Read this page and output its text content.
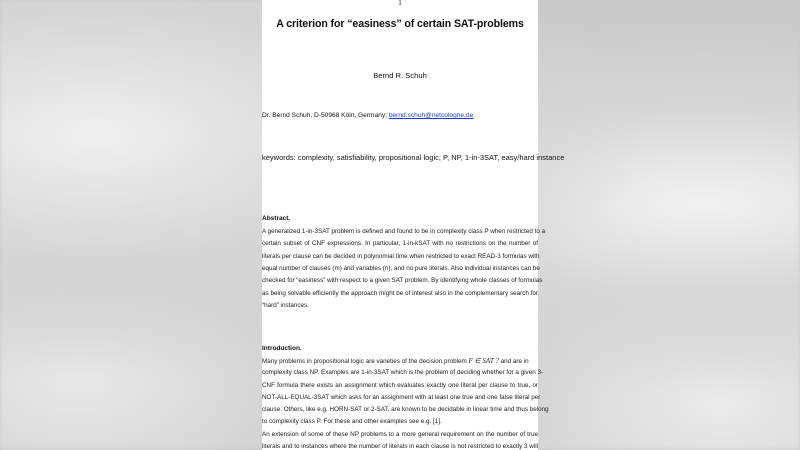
1
A criterion for “easiness” of certain SAT-problems
Bernd R. Schuh
Dr. Bernd Schuh, D-50968 Köln, Germany; bernd.schuh@netcologne.de
keywords: complexity, satisfiability, propositional logic, P, NP, 1-in-3SAT, easy/hard instance
Abstract.
A generalized 1-in-3SAT problem is defined and found to be in complexity class P when restricted to a
certain subset of CNF expressions. In particular, 1-in-kSAT with no restrictions on the number of
literals per clause can be decided in polynomial time when restricted to exact READ-3 formulas with
equal number of clauses (m) and variables (n), and no pure literals. Also individual instances can be
checked for “easiness” with respect to a given SAT problem. By identifying whole classes of formulas
as being solvable efficiently the approach might be of interest also in the complementary search for
“hard” instances.
Introduction.
Many problems in propositional logic are varieties of the decision problem F ∈ SAT ? and are in
complexity class NP. Examples are 1-in-3SAT which is the problem of deciding whether for a given 3-
CNF formula there exists an assignment which evaluates exactly one literal per clause to true, or
NOT-ALL-EQUAL-3SAT which asks for an assignment with at least one true and one false literal per
clause. Others, like e.g. HORN-SAT or 2-SAT, are known to be decidable in linear time and thus belong
to complexity class P. For these and other examples see e.g. [1].
An extension of some of these NP problems to a more general requirement on the number of true
literals and to instances where the number of literals in each clause is not restricted to exactly 3 will
